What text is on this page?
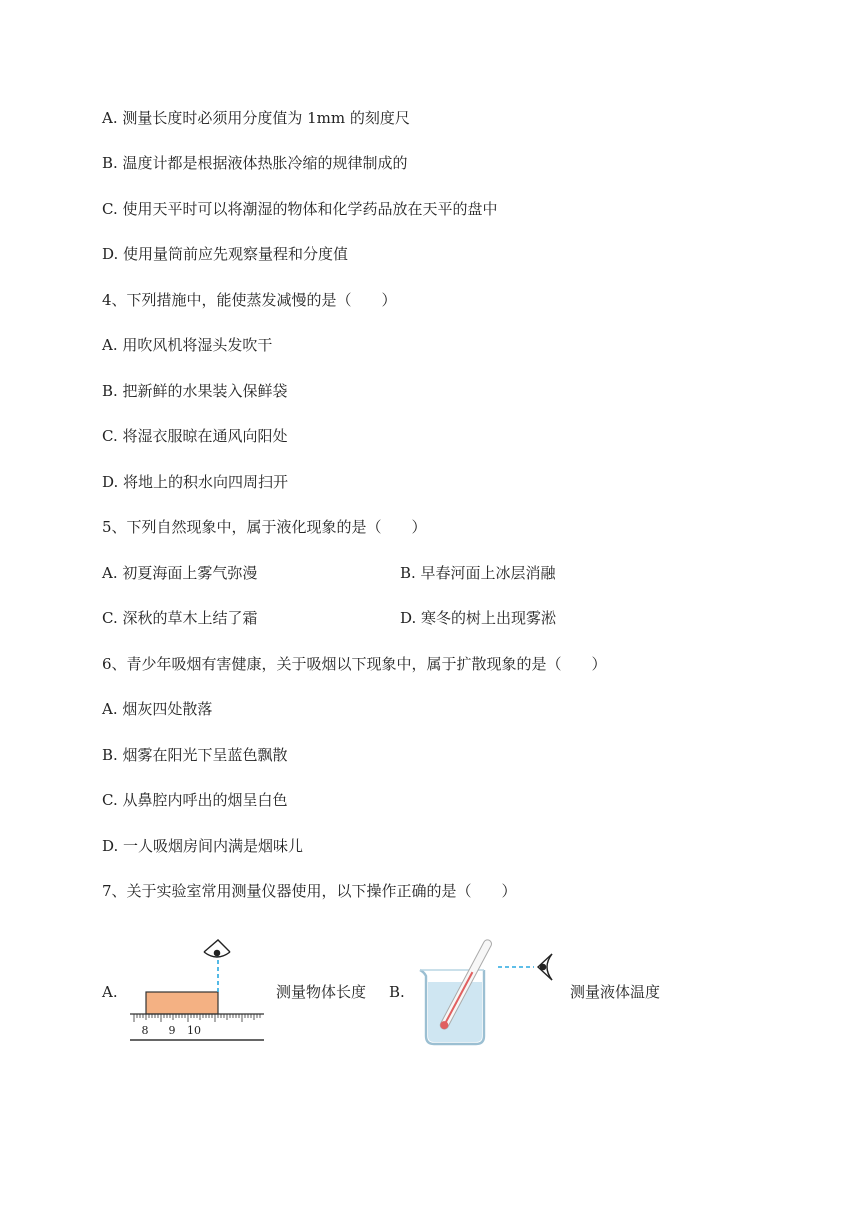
A. 测量长度时必须用分度值为 1mm 的刻度尺
B. 温度计都是根据液体热胀冷缩的规律制成的
C. 使用天平时可以将潮湿的物体和化学药品放在天平的盘中
D. 使用量筒前应先观察量程和分度值
4、下列措施中，能使蒸发减慢的是（　　）
A. 用吹风机将湿头发吹干
B. 把新鲜的水果装入保鲜袋
C. 将湿衣服晾在通风向阳处
D. 将地上的积水向四周扫开
5、下列自然现象中，属于液化现象的是（　　）
A. 初夏海面上雾气弥漫	B. 早春河面上冰层消融
C. 深秋的草木上结了霜	D. 寒冬的树上出现雾淞
6、青少年吸烟有害健康，关于吸烟以下现象中，属于扩散现象的是（　　）
A. 烟灰四处散落
B. 烟雾在阳光下呈蓝色飘散
C. 从鼻腔内呼出的烟呈白色
D. 一人吸烟房间内满是烟味儿
7、关于实验室常用测量仪器使用，以下操作正确的是（　　）
A.
8 9 10
测量物体长度 B.	测量液体温度
